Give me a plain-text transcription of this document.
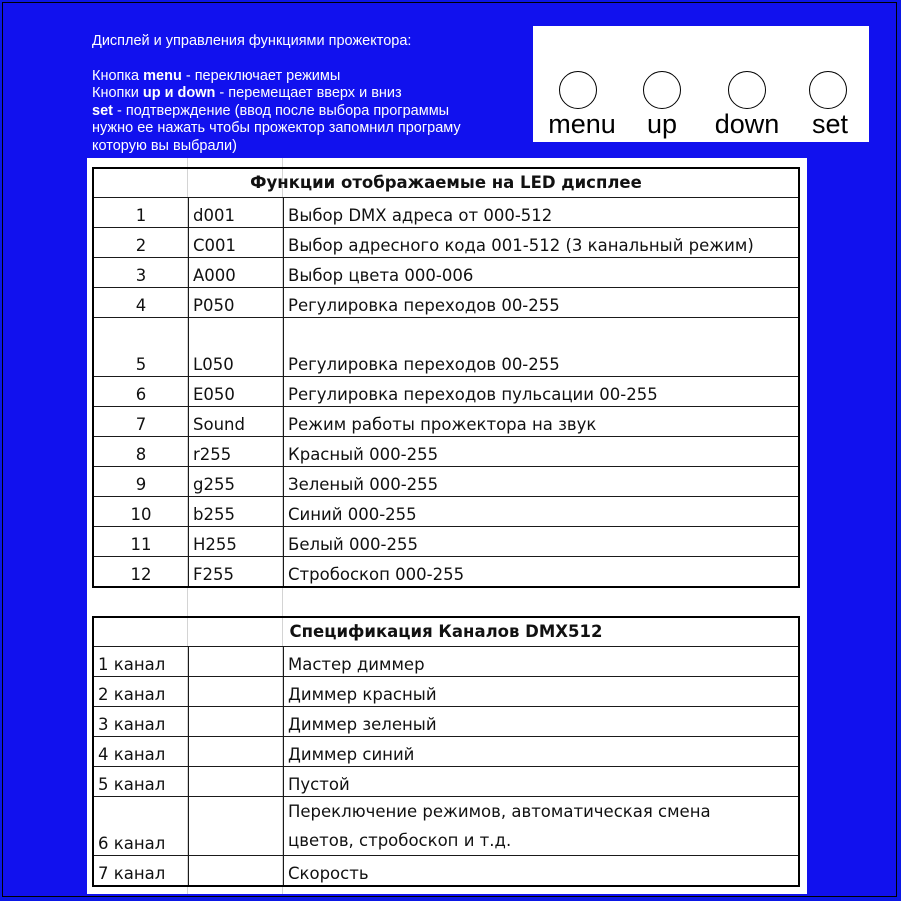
Дисплей и управления функциями прожектора:

Кнопка menu - переключает режимы

Кнопки up и down - перемещает вверх и вниз

set - подтверждение (ввод после выбора программы

нужно ее нажать чтобы прожектор запомнил програму

которую вы выбрали)

menu up down set
Функции отображаемые на LED дисплее		
1	d001	Выбор DMX адреса от 000-512
2	C001	Выбор адресного кода 001-512 (3 канальный режим)
3	A000	Выбор цвета 000-006
4	P050	Регулировка переходов 00-255
5	L050	Регулировка переходов 00-255
6	E050	Регулировка переходов пульсации 00-255
7	Sound	Режим работы прожектора на звук
8	r255	Красный 000-255
9	g255	Зеленый 000-255
10	b255	Синий 000-255
11	H255	Белый 000-255
12	F255	Стробоскоп 000-255
Спецификация Каналов DMX512		
1 канал		Мастер диммер
2 канал		Диммер красный
3 канал		Диммер зеленый
4 канал		Диммер синий
5 канал		Пустой
6 канал		Переключение режимов, автоматическая смена
цветов, стробоскоп и т.д.

7 канал		Скорость
